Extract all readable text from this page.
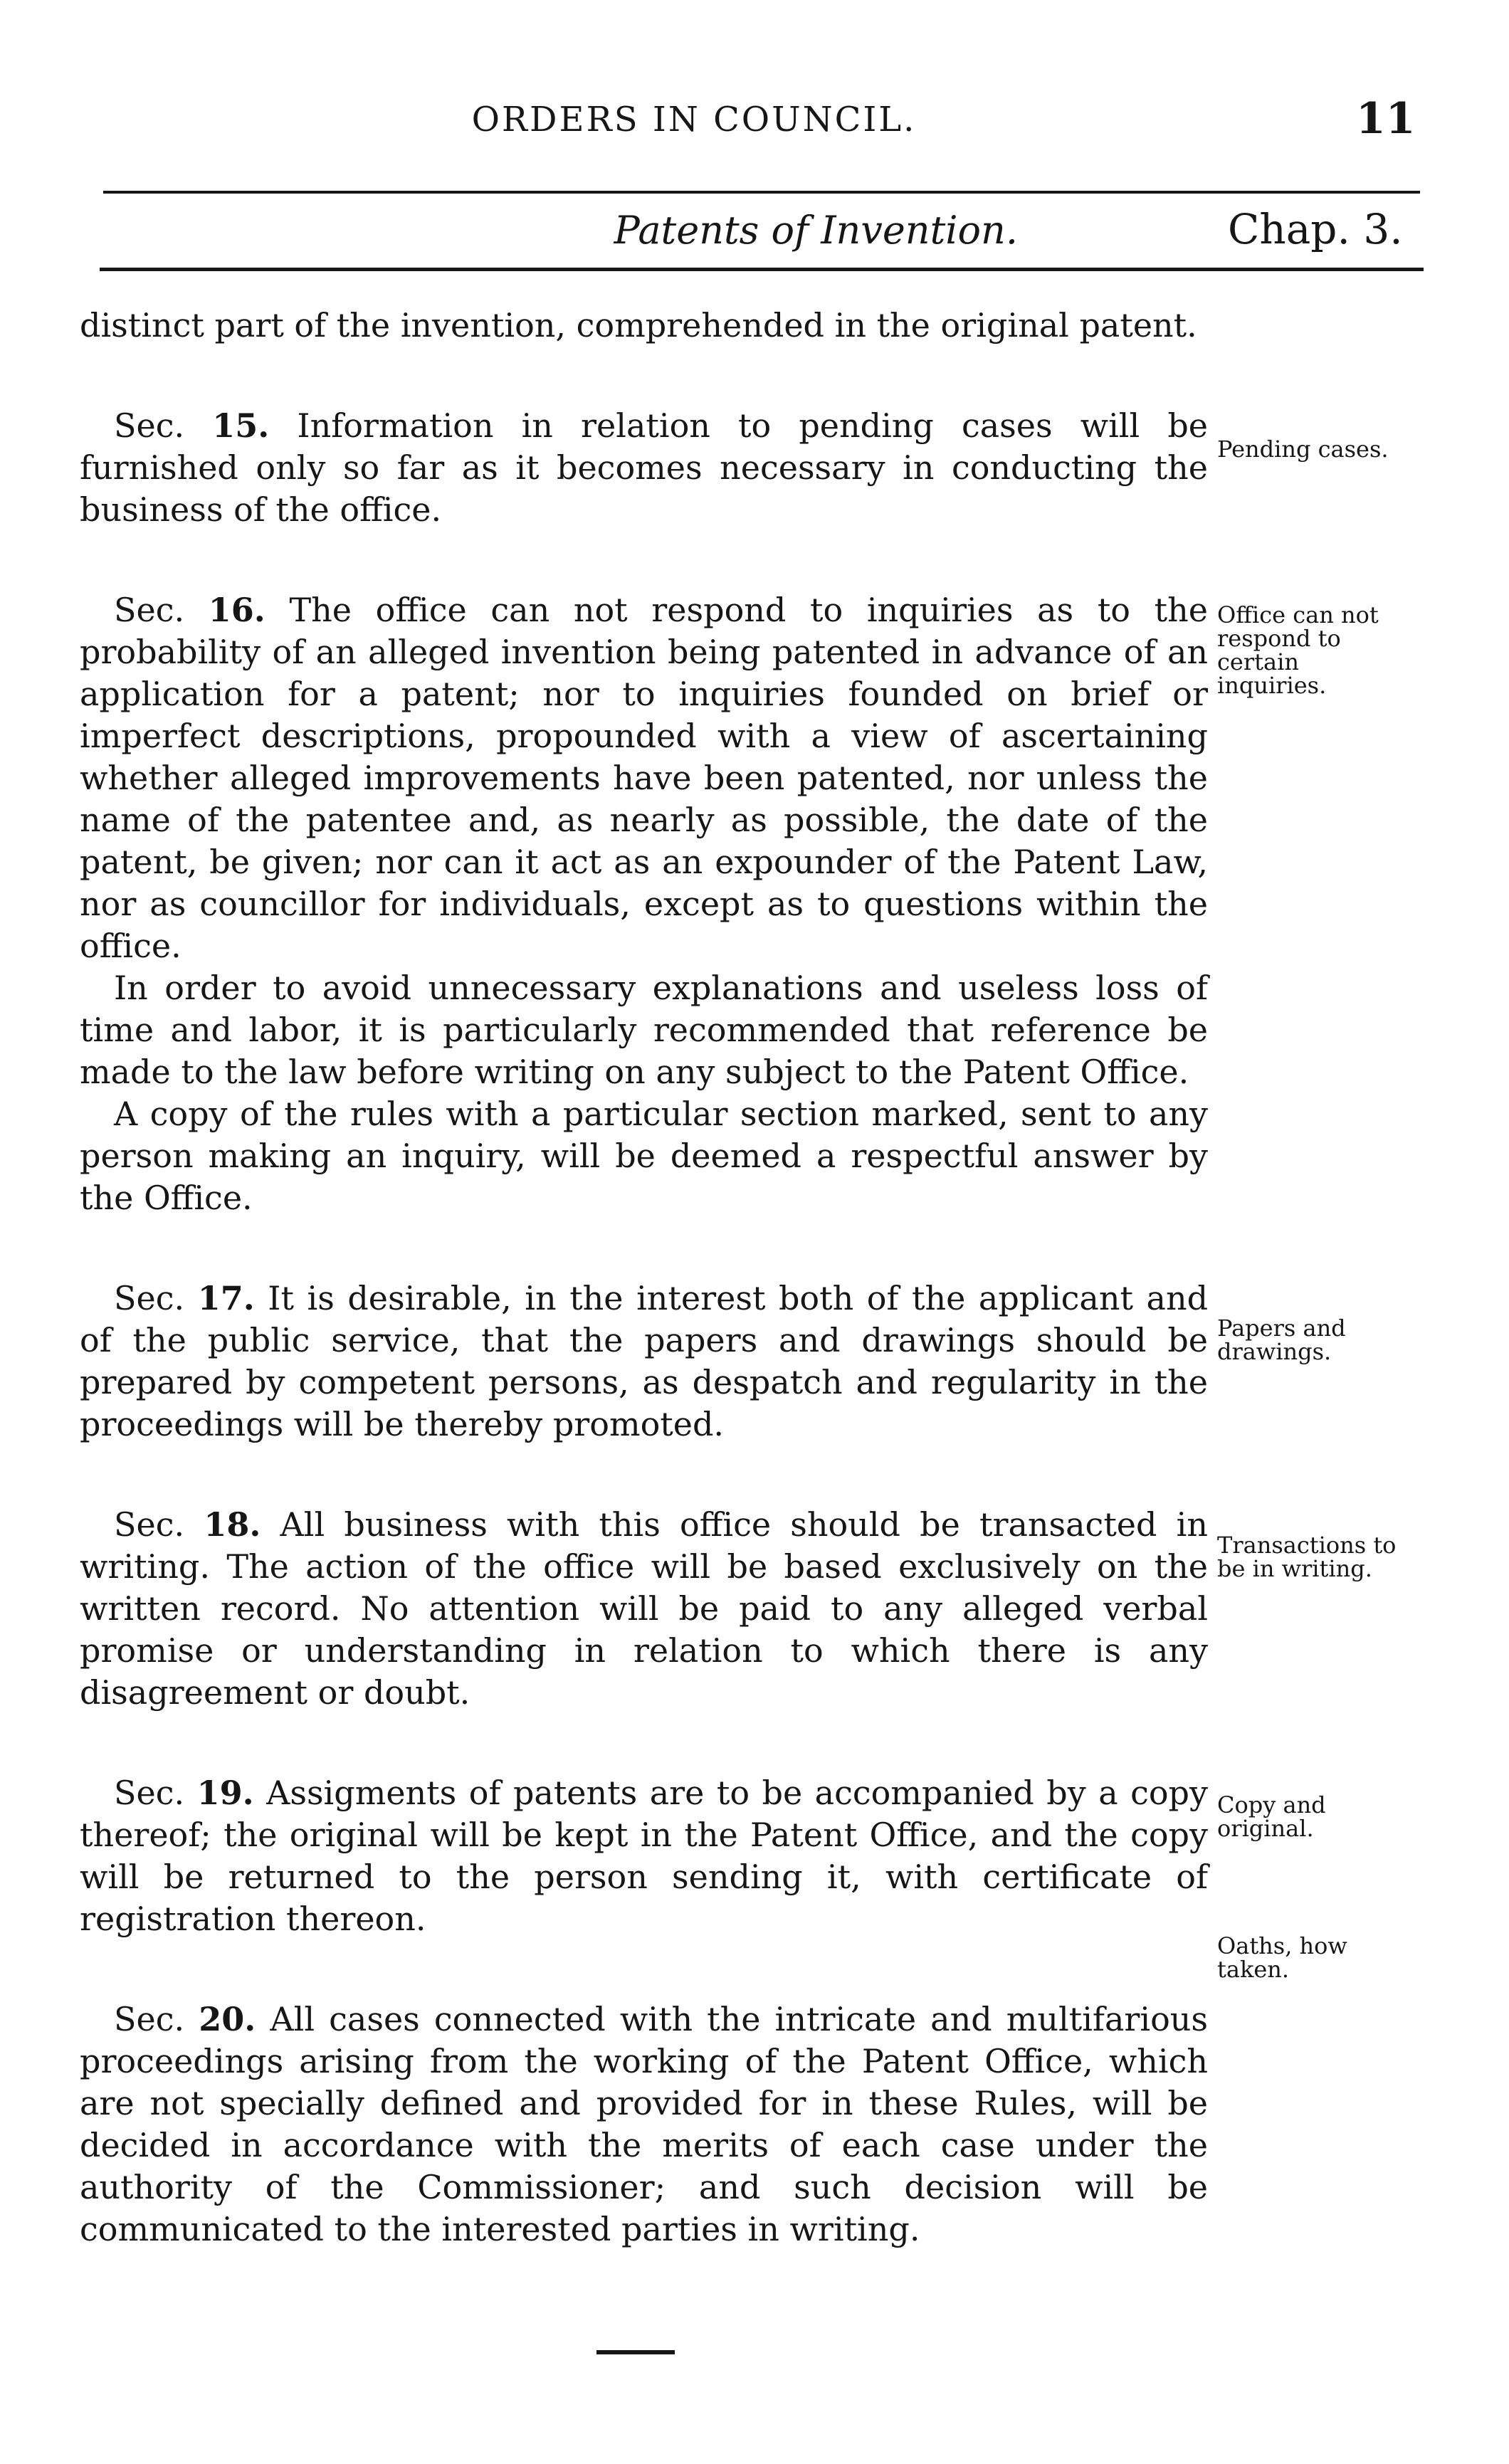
ORDERS IN COUNCIL.	11
Patents of Invention.	Chap. 3.

distinct part of the invention, comprehended in the original patent.

Sec. 15. Information in relation to pending cases will be furnished only so far as it becomes necessary in conducting the business of the office.

Sec. 16. The office can not respond to inquiries as to the probability of an alleged invention being patented in advance of an application for a patent; nor to inquiries founded on brief or imperfect descriptions, propounded with a view of ascertaining whether alleged improvements have been patented, nor unless the name of the patentee and, as nearly as possible, the date of the patent, be given; nor can it act as an expounder of the Patent Law, nor as councillor for individuals, except as to questions within the office.

In order to avoid unnecessary explanations and useless loss of time and labor, it is particularly recommended that reference be made to the law before writing on any subject to the Patent Office.

A copy of the rules with a particular section marked, sent to any person making an inquiry, will be deemed a respectful answer by the Office.

Sec. 17. It is desirable, in the interest both of the applicant and of the public service, that the papers and drawings should be prepared by competent persons, as despatch and regularity in the proceedings will be thereby promoted.

Sec. 18. All business with this office should be transacted in writing. The action of the office will be based exclusively on the written record. No attention will be paid to any alleged verbal promise or understanding in relation to which there is any disagreement or doubt.

Sec. 19. Assigments of patents are to be accompanied by a copy thereof; the original will be kept in the Patent Office, and the copy will be returned to the person sending it, with certificate of registration thereon.

Sec. 20. All cases connected with the intricate and multifarious proceedings arising from the working of the Patent Office, which are not specially defined and provided for in these Rules, will be decided in accordance with the merits of each case under the authority of the Commissioner; and such decision will be communicated to the interested parties in writing.

Pending cases.
Office can not respond to certain inquiries.
Papers and drawings.
Transactions to be in writing.
Copy and original.
Oaths, how taken.
